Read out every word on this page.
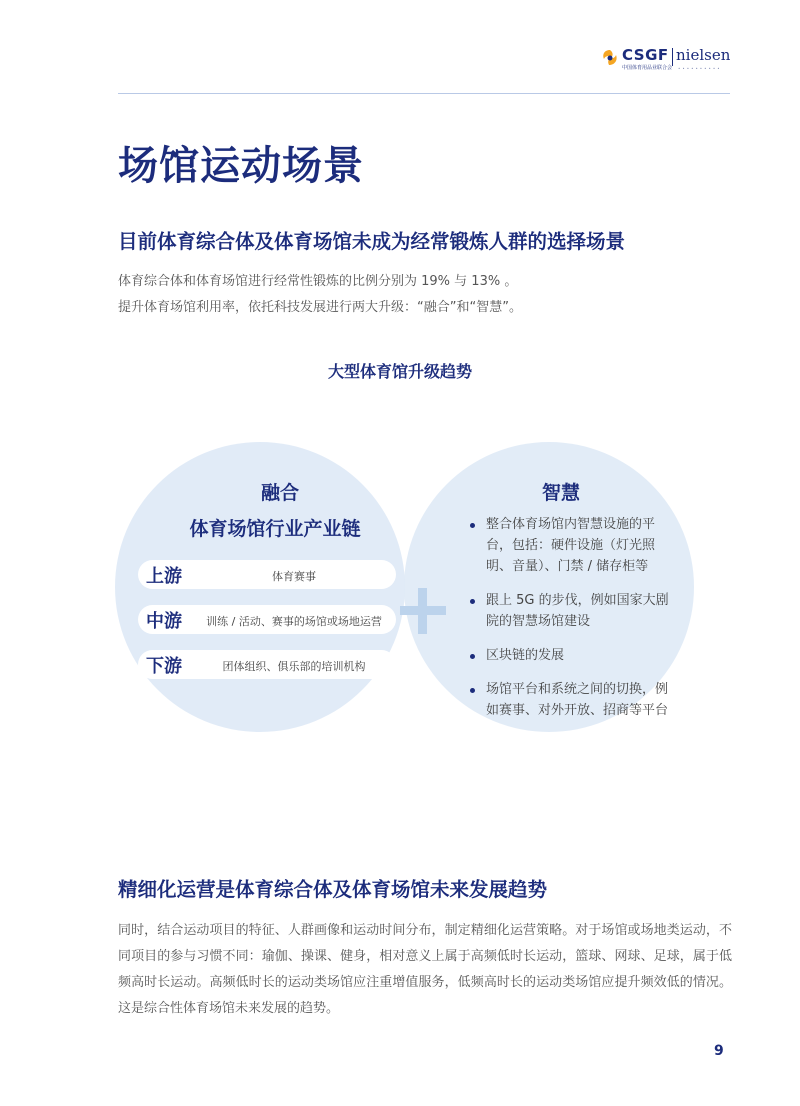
CSGF
中国体育用品业联合会
nielsen
••••••••••
场馆运动场景
目前体育综合体及体育场馆未成为经常锻炼人群的选择场景

体育综合体和体育场馆进行经常性锻炼的比例分别为 19% 与 13% 。

提升体育场馆利用率，依托科技发展进行两大升级：“融合”和“智慧”。

大型体育馆升级趋势
融合
体育场馆行业产业链
上游	体育赛事
中游	训练 / 活动、赛事的场馆或场地运营
下游	团体组织、俱乐部的培训机构
智慧
整合体育场馆内智慧设施的平台，包括：硬件设施（灯光照明、音量）、门禁 / 储存柜等
跟上 5G 的步伐，例如国家大剧院的智慧场馆建设
区块链的发展
场馆平台和系统之间的切换，例如赛事、对外开放、招商等平台
精细化运营是体育综合体及体育场馆未来发展趋势

同时，结合运动项目的特征、人群画像和运动时间分布，制定精细化运营策略。对于场馆或场地类运动，不同项目的参与习惯不同：瑜伽、操课、健身，相对意义上属于高频低时长运动，篮球、网球、足球，属于低频高时长运动。高频低时长的运动类场馆应注重增值服务，低频高时长的运动类场馆应提升频效低的情况。这是综合性体育场馆未来发展的趋势。

9
